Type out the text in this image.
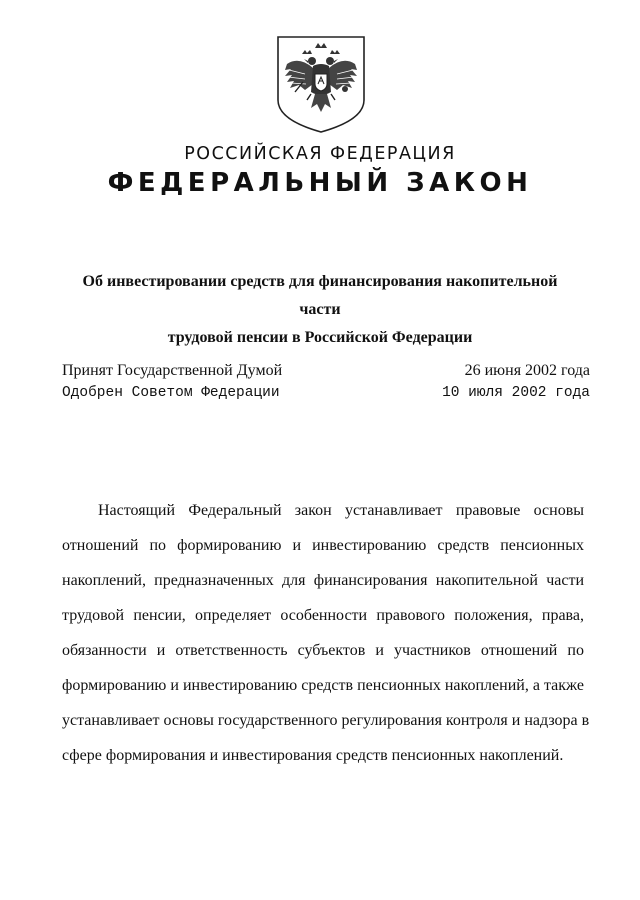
РОССИЙСКАЯ ФЕДЕРАЦИЯ
ФЕДЕРАЛЬНЫЙ ЗАКОН
Об инвестировании средств для финансирования накопительной части
трудовой пенсии в Российской Федерации
Принят Государственной Думой	26 июня 2002 года
Одобрен Советом Федерации	10 июля 2002 года
Настоящий Федеральный закон устанавливает правовые основы
отношений по формированию и инвестированию средств пенсионных
накоплений, предназначенных для финансирования накопительной части
трудовой пенсии, определяет особенности правового положения, права,
обязанности и ответственность субъектов и участников отношений по
формированию и инвестированию средств пенсионных накоплений, а также
устанавливает основы государственного регулирования контроля и надзора в
сфере формирования и инвестирования средств пенсионных накоплений.
